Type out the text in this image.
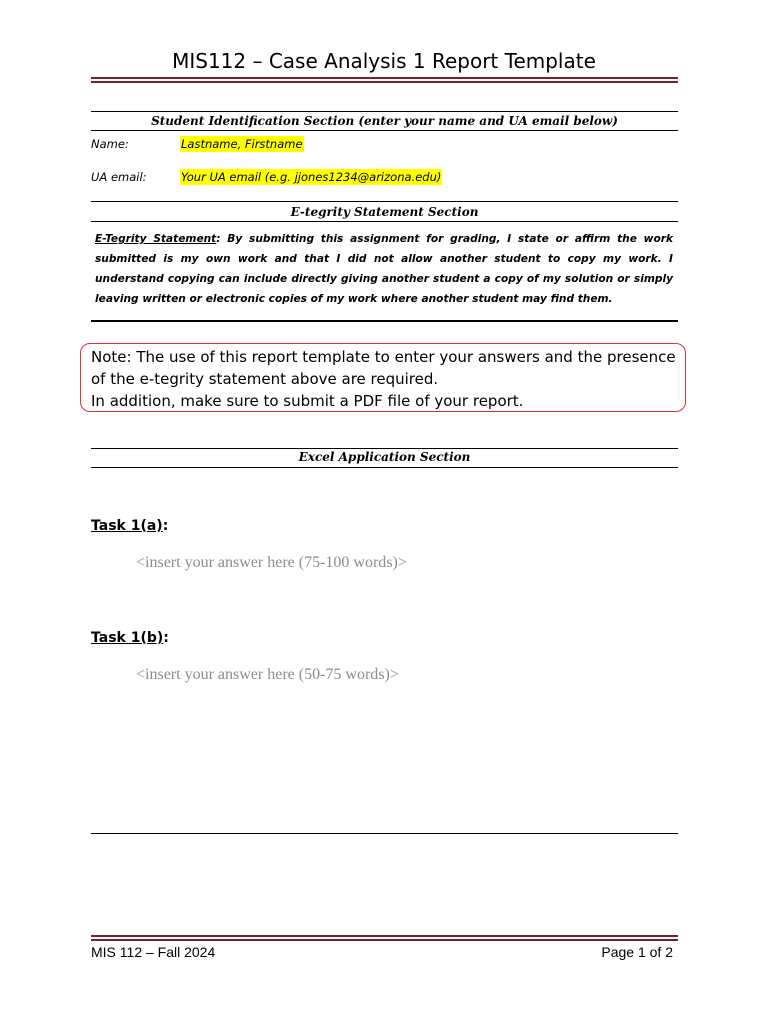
MIS112 – Case Analysis 1 Report Template
Student Identification Section (enter your name and UA email below)
Name:	Lastname, Firstname
UA email:	Your UA email (e.g. jjones1234@arizona.edu)
E-tegrity Statement Section
E-Tegrity Statement: By submitting this assignment for grading, I state or affirm the work submitted is my own work and that I did not allow another student to copy my work. I understand copying can include directly giving another student a copy of my solution or simply leaving written or electronic copies of my work where another student may find them.
Note: The use of this report template to enter your answers and the presence of the e-tegrity statement above are required.
In addition, make sure to submit a PDF file of your report.
Excel Application Section
Task 1(a):
<insert your answer here (75-100 words)>
Task 1(b):
<insert your answer here (50-75 words)>
MIS 112 – Fall 2024	Page 1 of 2
